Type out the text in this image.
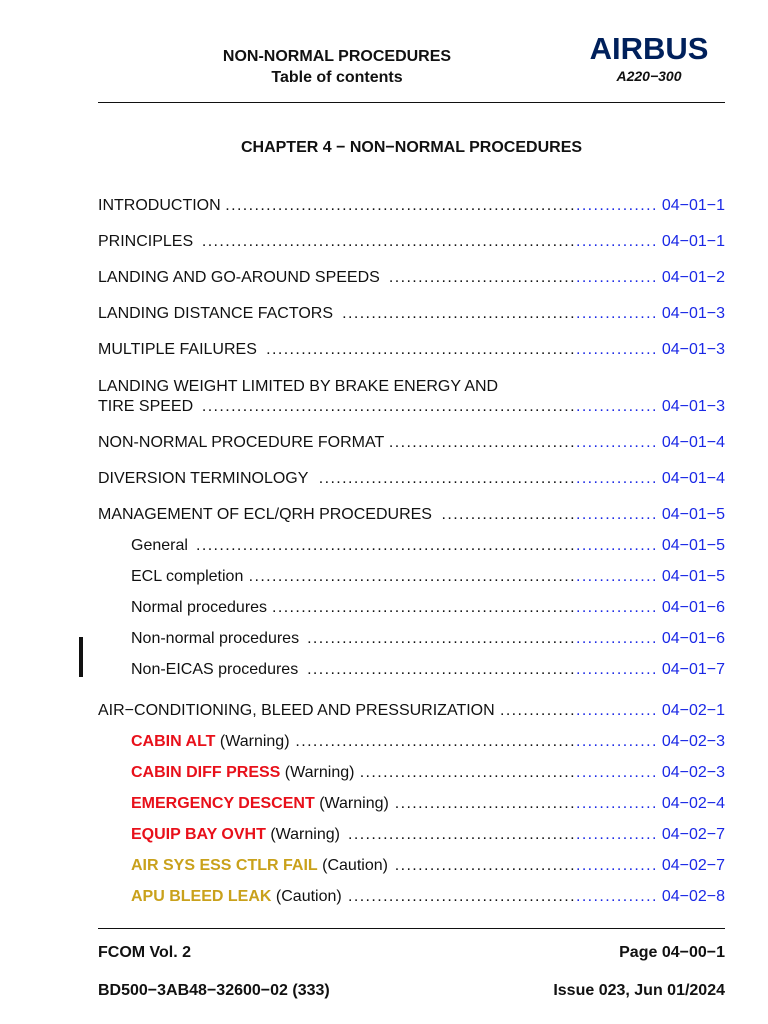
NON-NORMAL PROCEDURES
Table of contents
AIRBUS
A220−300
CHAPTER 4 − NON−NORMAL PROCEDURES
INTRODUCTION .......................................................................... 04−01−1
PRINCIPLES .............................................................................. 04−01−1
LANDING AND GO-AROUND SPEEDS .............................................. 04−01−2
LANDING DISTANCE FACTORS ...................................................... 04−01−3
MULTIPLE FAILURES ................................................................... 04−01−3
LANDING WEIGHT LIMITED BY BRAKE ENERGY AND
TIRE SPEED .............................................................................. 04−01−3
NON-NORMAL PROCEDURE FORMAT .............................................. 04−01−4
DIVERSION TERMINOLOGY .......................................................... 04−01−4
MANAGEMENT OF ECL/QRH PROCEDURES ..................................... 04−01−5
General ............................................................................... 04−01−5
ECL completion ...................................................................... 04−01−5
Normal procedures .................................................................. 04−01−6
Non-normal procedures ............................................................ 04−01−6
Non-EICAS procedures ............................................................ 04−01−7
AIR−CONDITIONING, BLEED AND PRESSURIZATION ........................... 04−02−1
CABIN ALT (Warning) .............................................................. 04−02−3
CABIN DIFF PRESS (Warning) ................................................... 04−02−3
EMERGENCY DESCENT (Warning) ............................................. 04−02−4
EQUIP BAY OVHT (Warning) ..................................................... 04−02−7
AIR SYS ESS CTLR FAIL (Caution) ............................................. 04−02−7
APU BLEED LEAK (Caution) ..................................................... 04−02−8
FCOM Vol. 2	Page 04−00−1
BD500−3AB48−32600−02 (333)	Issue 023, Jun 01/2024
